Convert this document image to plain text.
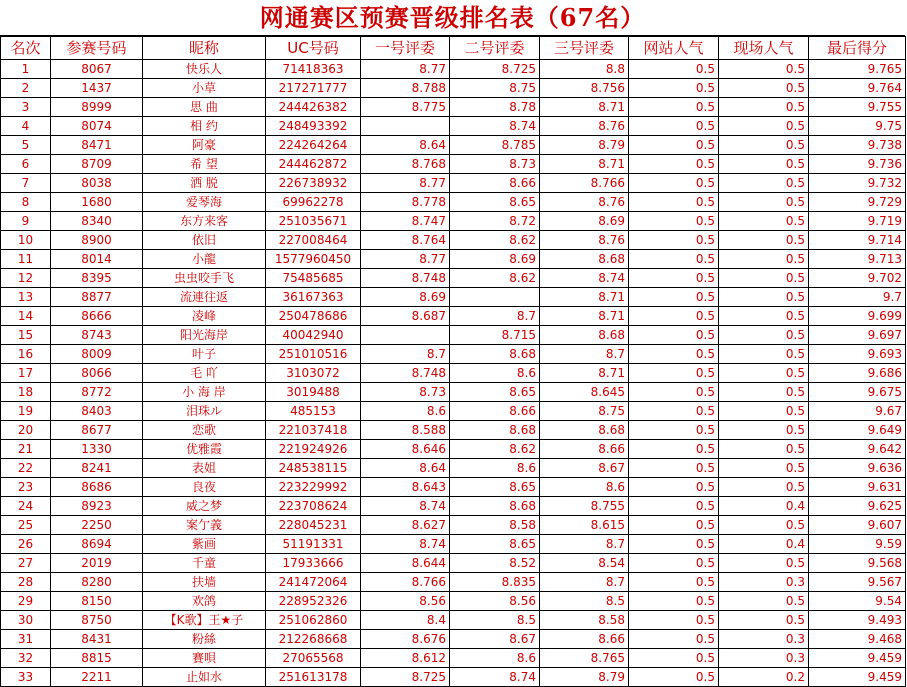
网通赛区预赛晋级排名表（67名）
名次	参赛号码	昵称	UC号码	一号评委	二号评委	三号评委	网站人气	现场人气	最后得分
1	8067	快乐人	71418363	8.77	8.725	8.8	0.5	0.5	9.765
2	1437	小草	217271777	8.788	8.75	8.756	0.5	0.5	9.764
3	8999	思 曲	244426382	8.775	8.78	8.71	0.5	0.5	9.755
4	8074	相 约	248493392		8.74	8.76	0.5	0.5	9.75
5	8471	阿豪	224264264	8.64	8.785	8.79	0.5	0.5	9.738
6	8709	希 望	244462872	8.768	8.73	8.71	0.5	0.5	9.736
7	8038	洒 脱	226738932	8.77	8.66	8.766	0.5	0.5	9.732
8	1680	爱琴海	69962278	8.778	8.65	8.76	0.5	0.5	9.729
9	8340	东方来客	251035671	8.747	8.72	8.69	0.5	0.5	9.719
10	8900	依旧	227008464	8.764	8.62	8.76	0.5	0.5	9.714
11	8014	小龍	1577960450	8.77	8.69	8.68	0.5	0.5	9.713
12	8395	虫虫咬手飞	75485685	8.748	8.62	8.74	0.5	0.5	9.702
13	8877	流連往返	36167363	8.69		8.71	0.5	0.5	9.7
14	8666	凌峰	250478686	8.687	8.7	8.71	0.5	0.5	9.699
15	8743	阳光海岸	40042940		8.715	8.68	0.5	0.5	9.697
16	8009	叶子	251010516	8.7	8.68	8.7	0.5	0.5	9.693
17	8066	毛 吖	3103072	8.748	8.6	8.71	0.5	0.5	9.686
18	8772	小 海 岸	3019488	8.73	8.65	8.645	0.5	0.5	9.675
19	8403	泪珠ル	485153	8.6	8.66	8.75	0.5	0.5	9.67
20	8677	恋歌	221037418	8.588	8.68	8.68	0.5	0.5	9.649
21	1330	优雅霞	221924926	8.646	8.62	8.66	0.5	0.5	9.642
22	8241	表姐	248538115	8.64	8.6	8.67	0.5	0.5	9.636
23	8686	良夜	223229992	8.643	8.65	8.6	0.5	0.5	9.631
24	8923	威之梦	223708624	8.74	8.68	8.755	0.5	0.4	9.625
25	2250	案亇義	228045231	8.627	8.58	8.615	0.5	0.5	9.607
26	8694	紫画	51191331	8.74	8.65	8.7	0.5	0.4	9.59
27	2019	千童	17933666	8.644	8.52	8.54	0.5	0.5	9.568
28	8280	扶墙	241472064	8.766	8.835	8.7	0.5	0.3	9.567
29	8150	欢鸽	228952326	8.56	8.56	8.5	0.5	0.5	9.54
30	8750	【K歌】王★子	251062860	8.4	8.5	8.58	0.5	0.5	9.493
31	8431	粉絲	212268668	8.676	8.67	8.66	0.5	0.3	9.468
32	8815	賽唄	27065568	8.612	8.6	8.765	0.5	0.3	9.459
33	2211	止如水	251613178	8.725	8.74	8.79	0.5	0.2	9.459
